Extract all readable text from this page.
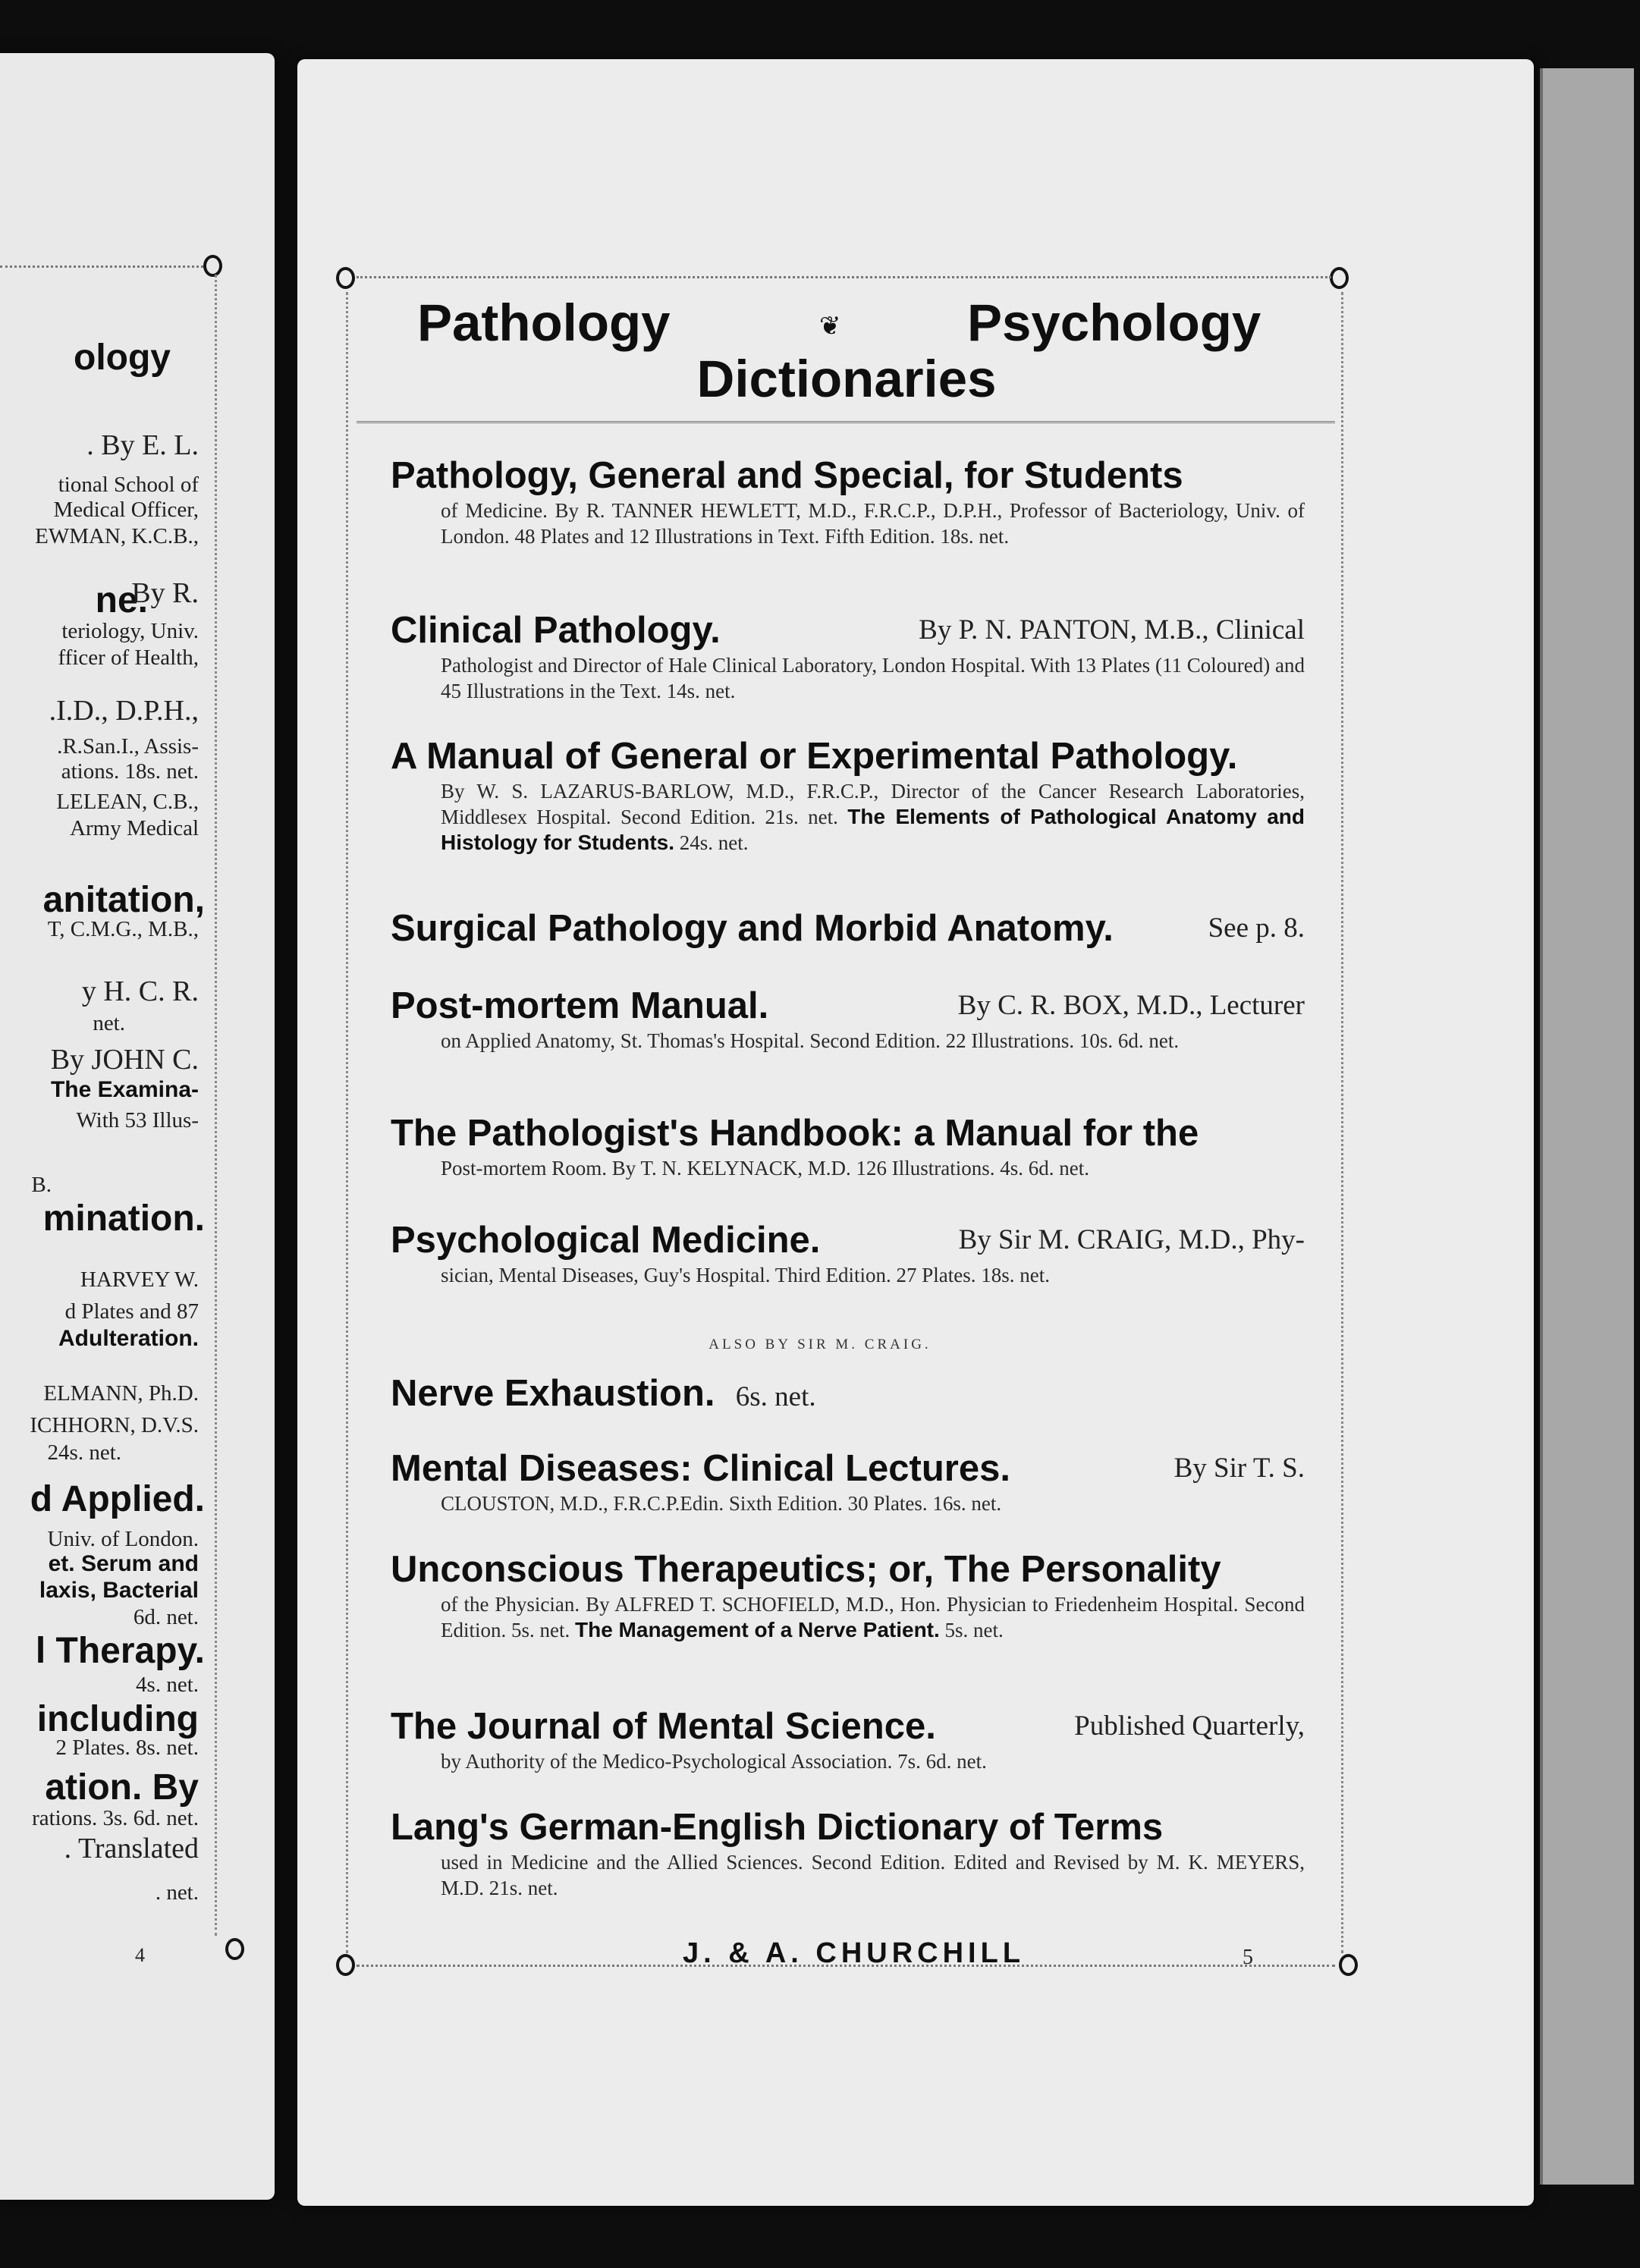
ology
. By E. L.
tional School of
Medical Officer,
EWMAN, K.C.B.,
ne.
By R.
teriology, Univ.
fficer of Health,
.I.D., D.P.H.,
.R.San.I., Assis-
ations. 18s. net.
LELEAN, C.B.,
Army Medical
anitation,
T, C.M.G., M.B.,
y H. C. R.
net.
By JOHN C.
The Examina-
With 53 Illus-
B.
mination.
HARVEY W.
d Plates and 87
Adulteration.
ELMANN, Ph.D.
ICHHORN, D.V.S.
24s. net.
d Applied.
Univ. of London.
et. Serum and
laxis, Bacterial
6d. net.
l Therapy.
4s. net.
including
2 Plates. 8s. net.
ation. By
rations. 3s. 6d. net.
. Translated
. net.
4
Pathology	❦ Psychology
Dictionaries
Pathology, General and Special, for Students
of Medicine. By R. TANNER HEWLETT, M.D., F.R.C.P., D.P.H., Professor of Bacteriology, Univ. of London. 48 Plates and 12 Illustrations in Text. Fifth Edition. 18s. net.
Clinical Pathology.	By P. N. PANTON, M.B., Clinical
Pathologist and Director of Hale Clinical Laboratory, London Hospital. With 13 Plates (11 Coloured) and 45 Illustrations in the Text. 14s. net.
A Manual of General or Experimental Pathology.
By W. S. LAZARUS-BARLOW, M.D., F.R.C.P., Director of the Cancer Research Laboratories, Middlesex Hospital. Second Edition. 21s. net. The Elements of Pathological Anatomy and Histology for Students. 24s. net.
Surgical Pathology and Morbid Anatomy.	See p. 8.
Post-mortem Manual.	By C. R. BOX, M.D., Lecturer
on Applied Anatomy, St. Thomas's Hospital. Second Edition. 22 Illustrations. 10s. 6d. net.
The Pathologist's Handbook: a Manual for the
Post-mortem Room. By T. N. KELYNACK, M.D. 126 Illustrations. 4s. 6d. net.
Psychological Medicine.	By Sir M. CRAIG, M.D., Phy-
sician, Mental Diseases, Guy's Hospital. Third Edition. 27 Plates. 18s. net.
ALSO BY SIR M. CRAIG.
Nerve Exhaustion. 6s. net.
Mental Diseases: Clinical Lectures.	By Sir T. S.
CLOUSTON, M.D., F.R.C.P.Edin. Sixth Edition. 30 Plates. 16s. net.
Unconscious Therapeutics; or, The Personality
of the Physician. By ALFRED T. SCHOFIELD, M.D., Hon. Physician to Friedenheim Hospital. Second Edition. 5s. net. The Management of a Nerve Patient. 5s. net.
The Journal of Mental Science.	Published Quarterly,
by Authority of the Medico-Psychological Association. 7s. 6d. net.
Lang's German-English Dictionary of Terms
used in Medicine and the Allied Sciences. Second Edition. Edited and Revised by M. K. MEYERS, M.D. 21s. net.
J. & A. CHURCHILL	5
